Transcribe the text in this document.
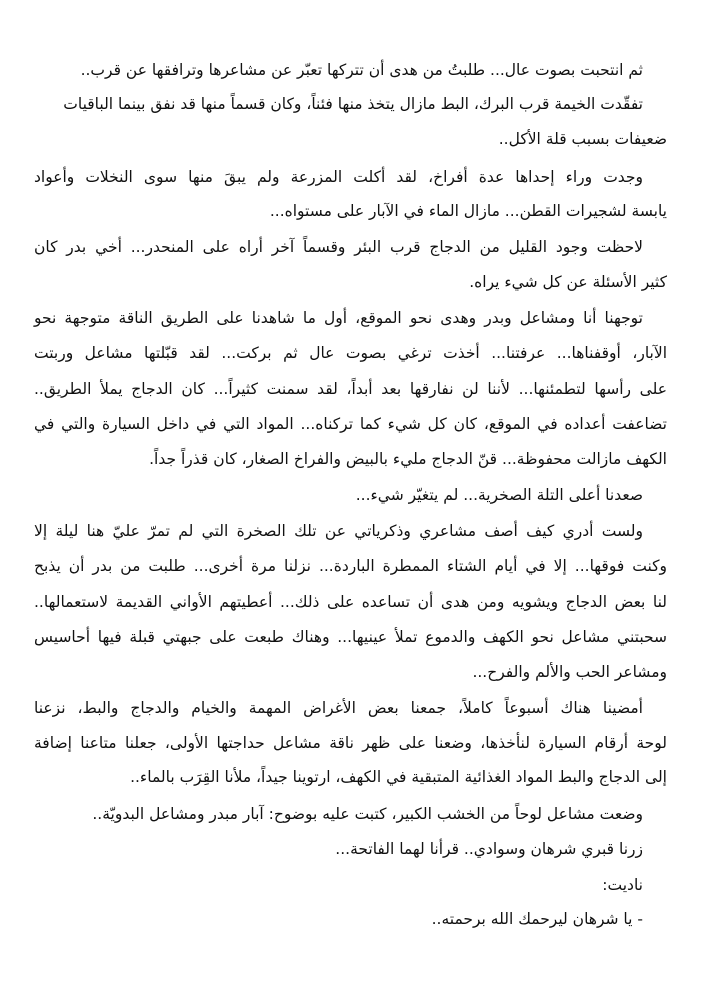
ثم انتحبت بصوت عال... طلبتُ من هدى أن تتركها تعبّر عن مشاعرها وترافقها عن قرب..
تفقّدت الخيمة قرب البرك، البط مازال يتخذ منها فئناً، وكان قسماً منها قد نفق بينما الباقيات
ضعيفات بسبب قلة الأكل..
وجدت وراء إحداها عدة أفراخ، لقد أكلت المزرعة ولم يبقَ منها سوى النخلات وأعواد
يابسة لشجيرات القطن... مازال الماء في الآبار على مستواه...
لاحظت وجود القليل من الدجاج قرب البئر وقسماً آخر أراه على المنحدر... أخي بدر كان
كثير الأسئلة عن كل شيء يراه.
توجهنا أنا ومشاعل وبدر وهدى نحو الموقع، أول ما شاهدنا على الطريق الناقة متوجهة نحو
الآبار، أوقفناها... عرفتنا... أخذت ترغي بصوت عال ثم بركت... لقد قبّلتها مشاعل وربتت
على رأسها لتطمئنها... لأننا لن نفارقها بعد أبداً، لقد سمنت كثيراً... كان الدجاج يملأ الطريق..
تضاعفت أعداده في الموقع، كان كل شيء كما تركناه... المواد التي في داخل السيارة والتي في
الكهف مازالت محفوظة... قنّ الدجاج مليء بالبيض والفراخ الصغار، كان قذراً جداً.
صعدنا أعلى التلة الصخرية... لم يتغيّر شيء...
ولست أدري كيف أصف مشاعري وذكرياتي عن تلك الصخرة التي لم تمرّ عليّ هنا ليلة إلا
وكنت فوقها... إلا في أيام الشتاء الممطرة الباردة... نزلنا مرة أخرى... طلبت من بدر أن يذبح
لنا بعض الدجاج ويشويه ومن هدى أن تساعده على ذلك... أعطيتهم الأواني القديمة لاستعمالها..
سحبتني مشاعل نحو الكهف والدموع تملأ عينيها... وهناك طبعت على جبهتي قبلة فيها أحاسيس
ومشاعر الحب والألم والفرح...
أمضينا هناك أسبوعاً كاملاً، جمعنا بعض الأغراض المهمة والخيام والدجاج والبط، نزعنا
لوحة أرقام السيارة لنأخذها، وضعنا على ظهر ناقة مشاعل حداجتها الأولى، جعلنا متاعنا إضافة
إلى الدجاج والبط المواد الغذائية المتبقية في الكهف، ارتوينا جيداً، ملأنا القِرَب بالماء..
وضعت مشاعل لوحاً من الخشب الكبير، كتبت عليه بوضوح: آبار مبدر ومشاعل البدويّة..
زرنا قبري شرهان وسوادي.. قرأنا لهما الفاتحة...
ناديت:
- يا شرهان ليرحمك الله برحمته..
